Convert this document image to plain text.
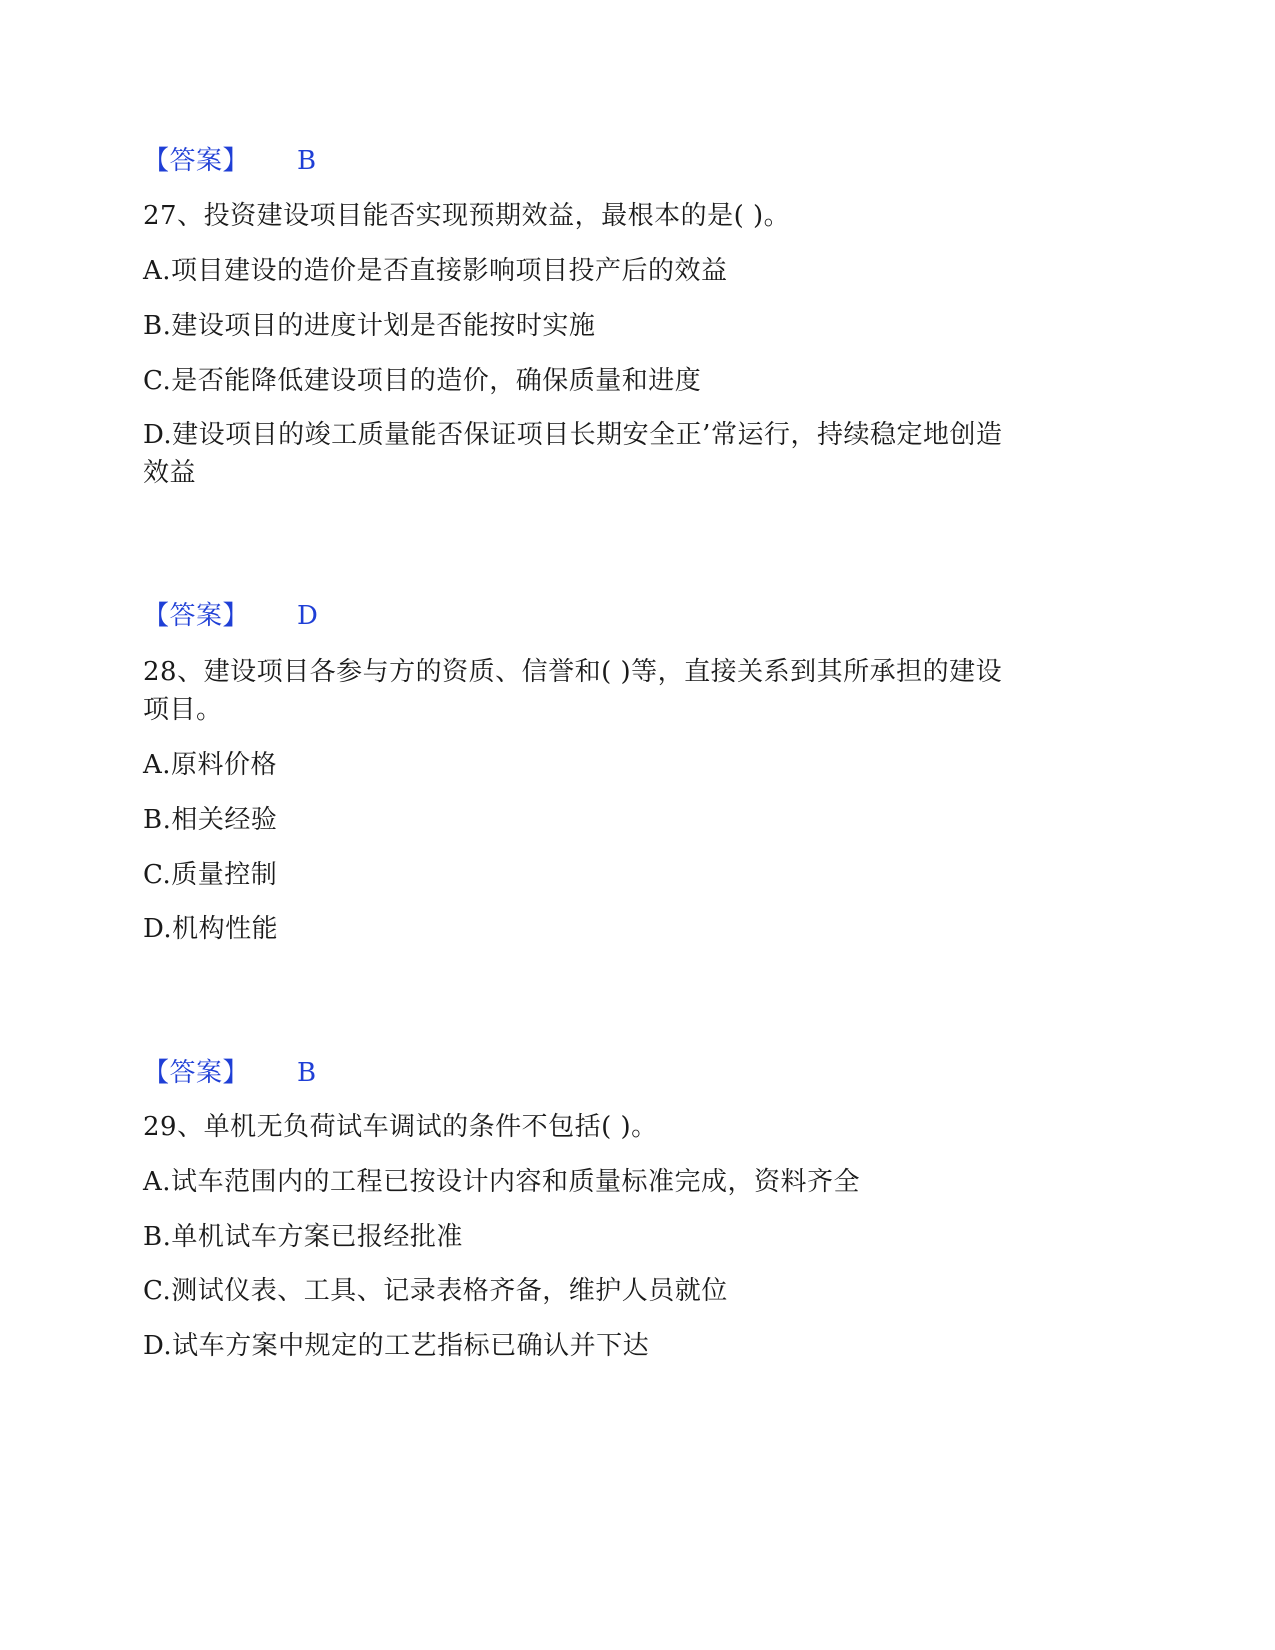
【答案】 B
27、投资建设项目能否实现预期效益，最根本的是( )。
A.项目建设的造价是否直接影响项目投产后的效益
B.建设项目的进度计划是否能按时实施
C.是否能降低建设项目的造价，确保质量和进度
D.建设项目的竣工质量能否保证项目长期安全正’常运行，持续稳定地创造
效益
【答案】 D
28、建设项目各参与方的资质、信誉和( )等，直接关系到其所承担的建设
项目。
A.原料价格
B.相关经验
C.质量控制
D.机构性能
【答案】 B
29、单机无负荷试车调试的条件不包括( )。
A.试车范围内的工程已按设计内容和质量标准完成，资料齐全
B.单机试车方案已报经批准
C.测试仪表、工具、记录表格齐备，维护人员就位
D.试车方案中规定的工艺指标已确认并下达
